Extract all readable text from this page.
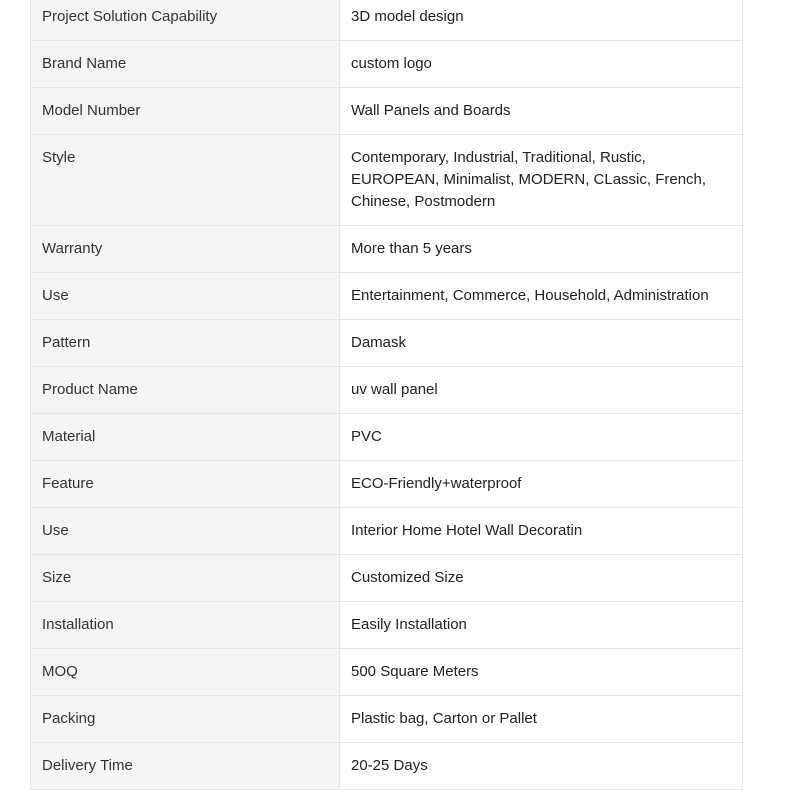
Project Solution Capability	3D model design
Brand Name	custom logo
Model Number	Wall Panels and Boards
Style	Contemporary, Industrial, Traditional, Rustic, EUROPEAN, Minimalist, MODERN, CLassic, French, Chinese, Postmodern
Warranty	More than 5 years
Use	Entertainment, Commerce, Household, Administration
Pattern	Damask
Product Name	uv wall panel
Material	PVC
Feature	ECO-Friendly+waterproof
Use	Interior Home Hotel Wall Decoratin
Size	Customized Size
Installation	Easily Installation
MOQ	500 Square Meters
Packing	Plastic bag, Carton or Pallet
Delivery Time	20-25 Days
